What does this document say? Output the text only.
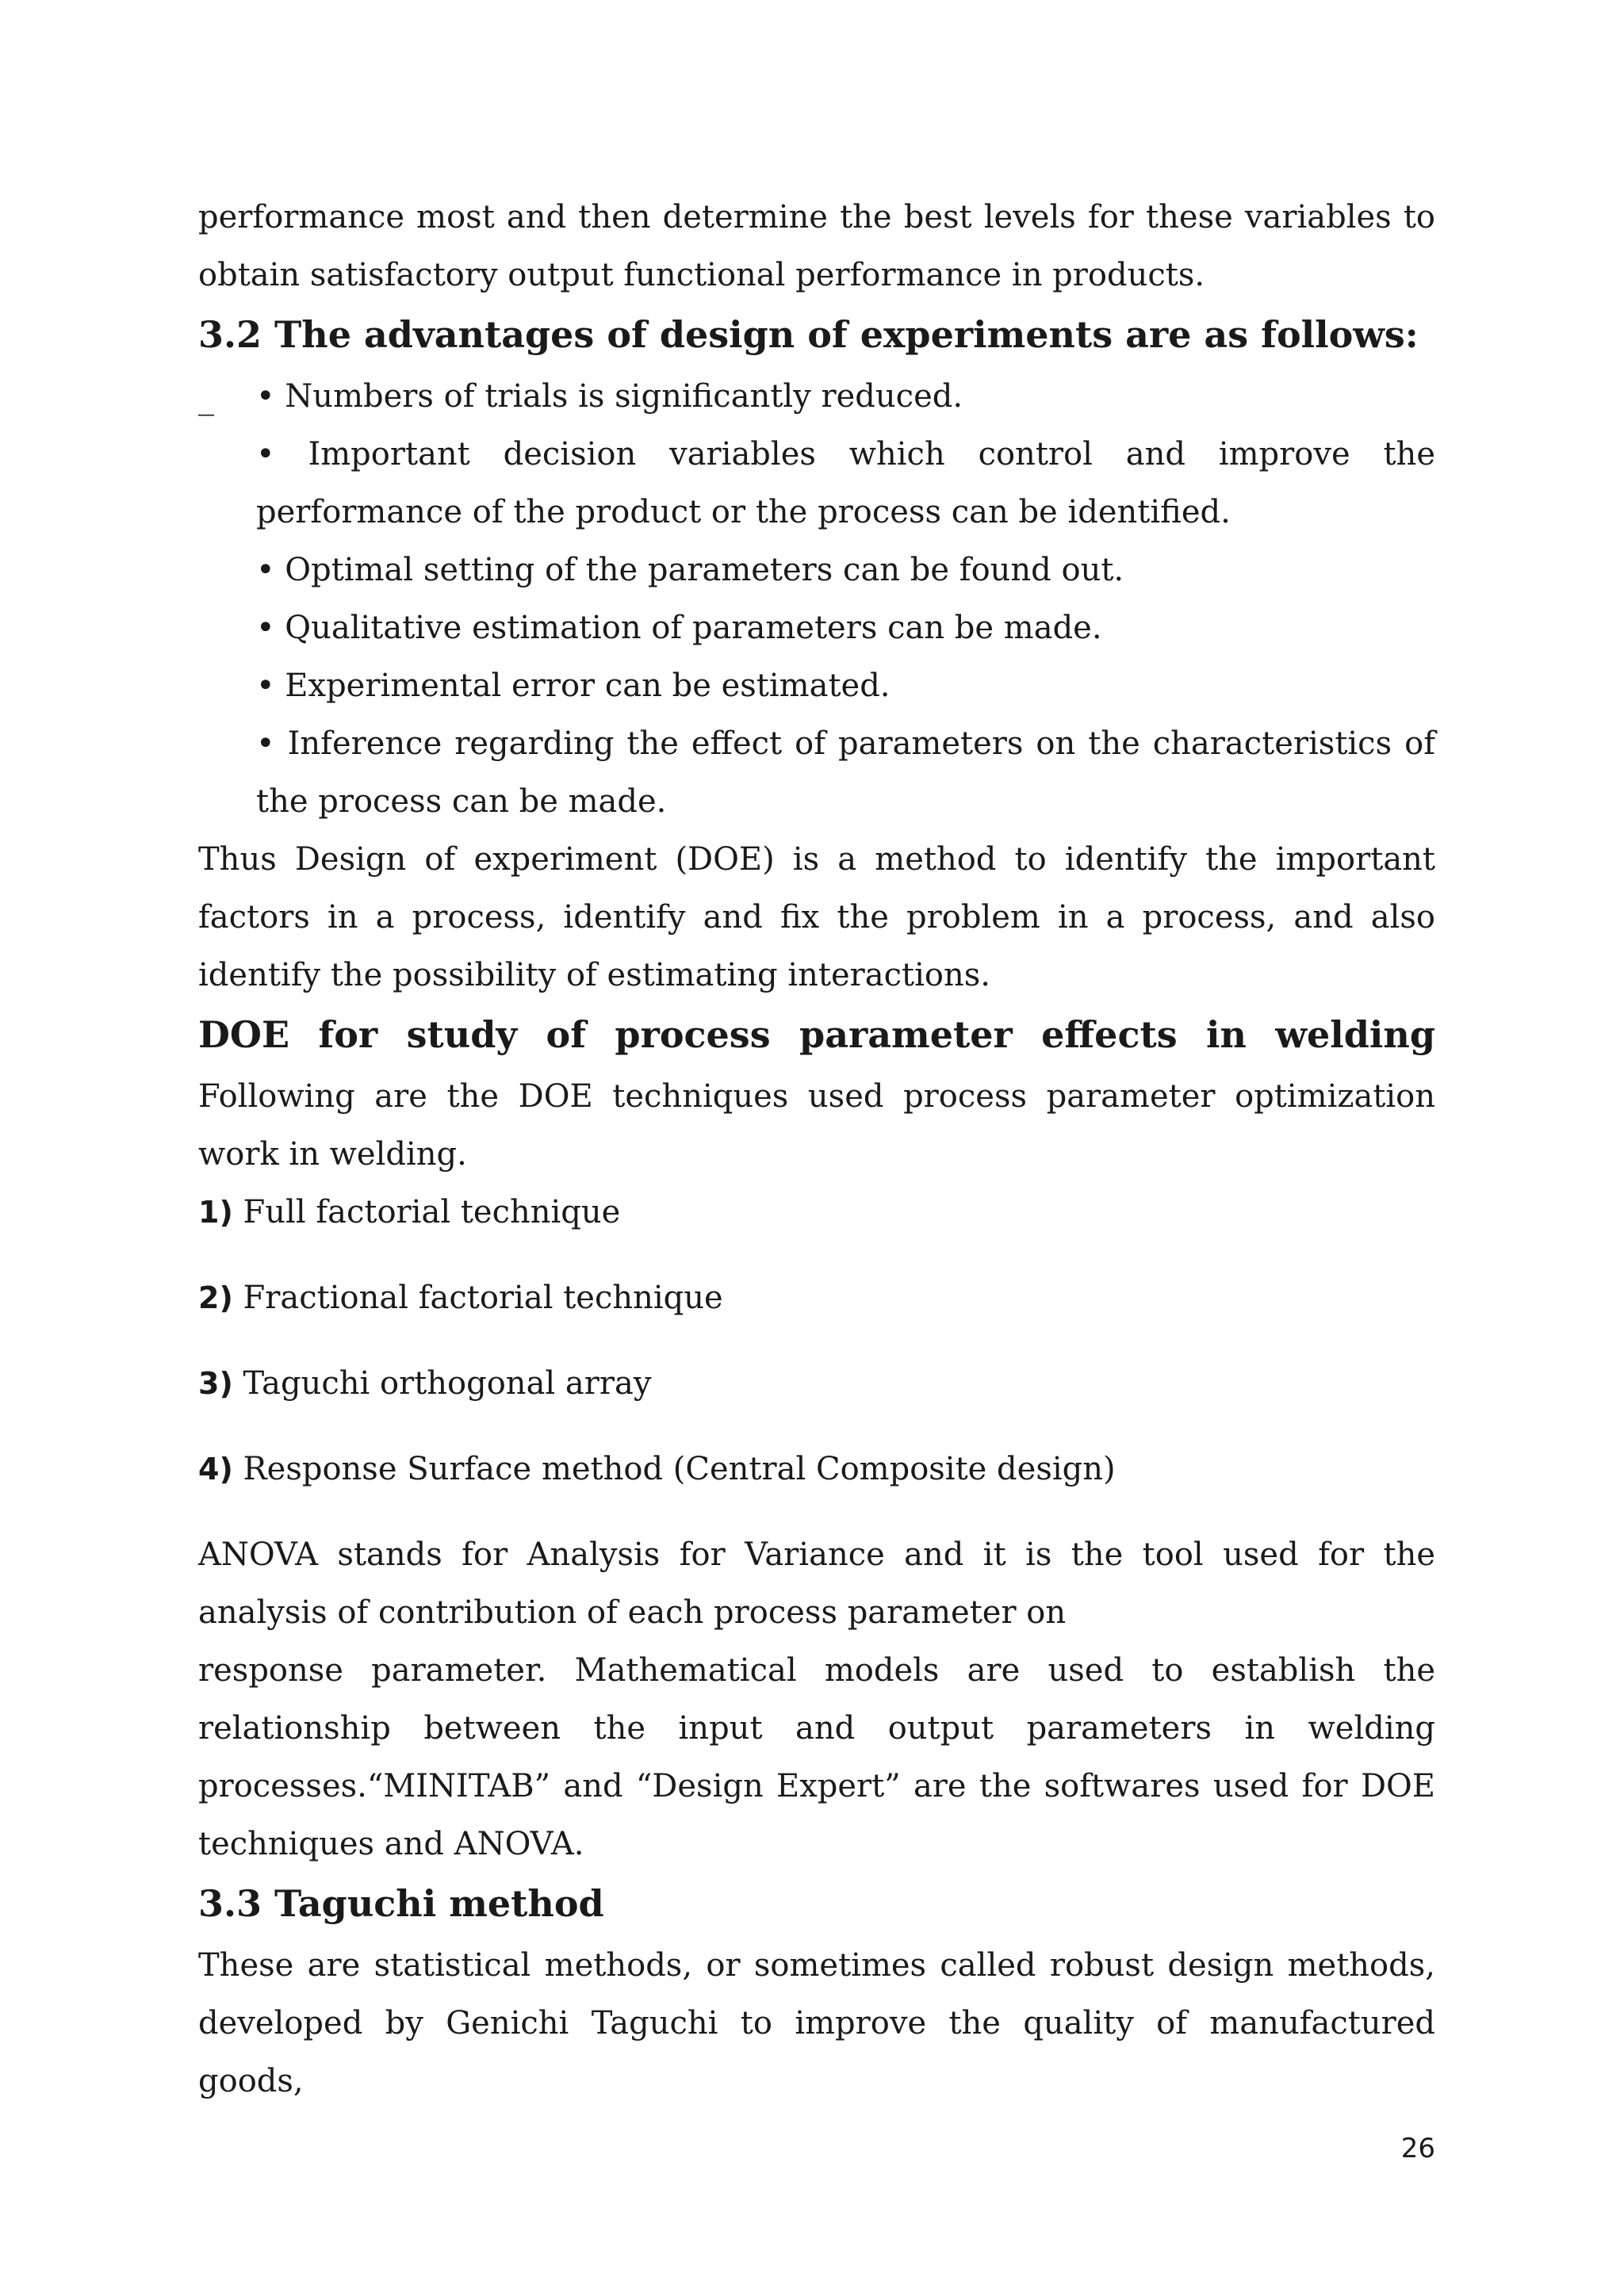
performance most and then determine the best levels for these variables to obtain satisfactory output functional performance in products.

3.2 The advantages of design of experiments are as follows:
_ • Numbers of trials is significantly reduced.
• Important decision variables which control and improve the performance of the product or the process can be identified.
• Optimal setting of the parameters can be found out.
• Qualitative estimation of parameters can be made.
• Experimental error can be estimated.
• Inference regarding the effect of parameters on the characteristics of the process can be made.

Thus Design of experiment (DOE) is a method to identify the important factors in a process, identify and fix the problem in a process, and also identify the possibility of estimating interactions.

DOE for study of process parameter effects in welding

Following are the DOE techniques used process parameter optimization work in welding.

1) Full factorial technique

2) Fractional factorial technique

3) Taguchi orthogonal array

4) Response Surface method (Central Composite design)

ANOVA stands for Analysis for Variance and it is the tool used for the analysis of contribution of each process parameter on

response parameter. Mathematical models are used to establish the relationship between the input and output parameters in welding processes.“MINITAB” and “Design Expert” are the softwares used for DOE techniques and ANOVA.

3.3 Taguchi method

These are statistical methods, or sometimes called robust design methods, developed by Genichi Taguchi to improve the quality of manufactured goods,

26
